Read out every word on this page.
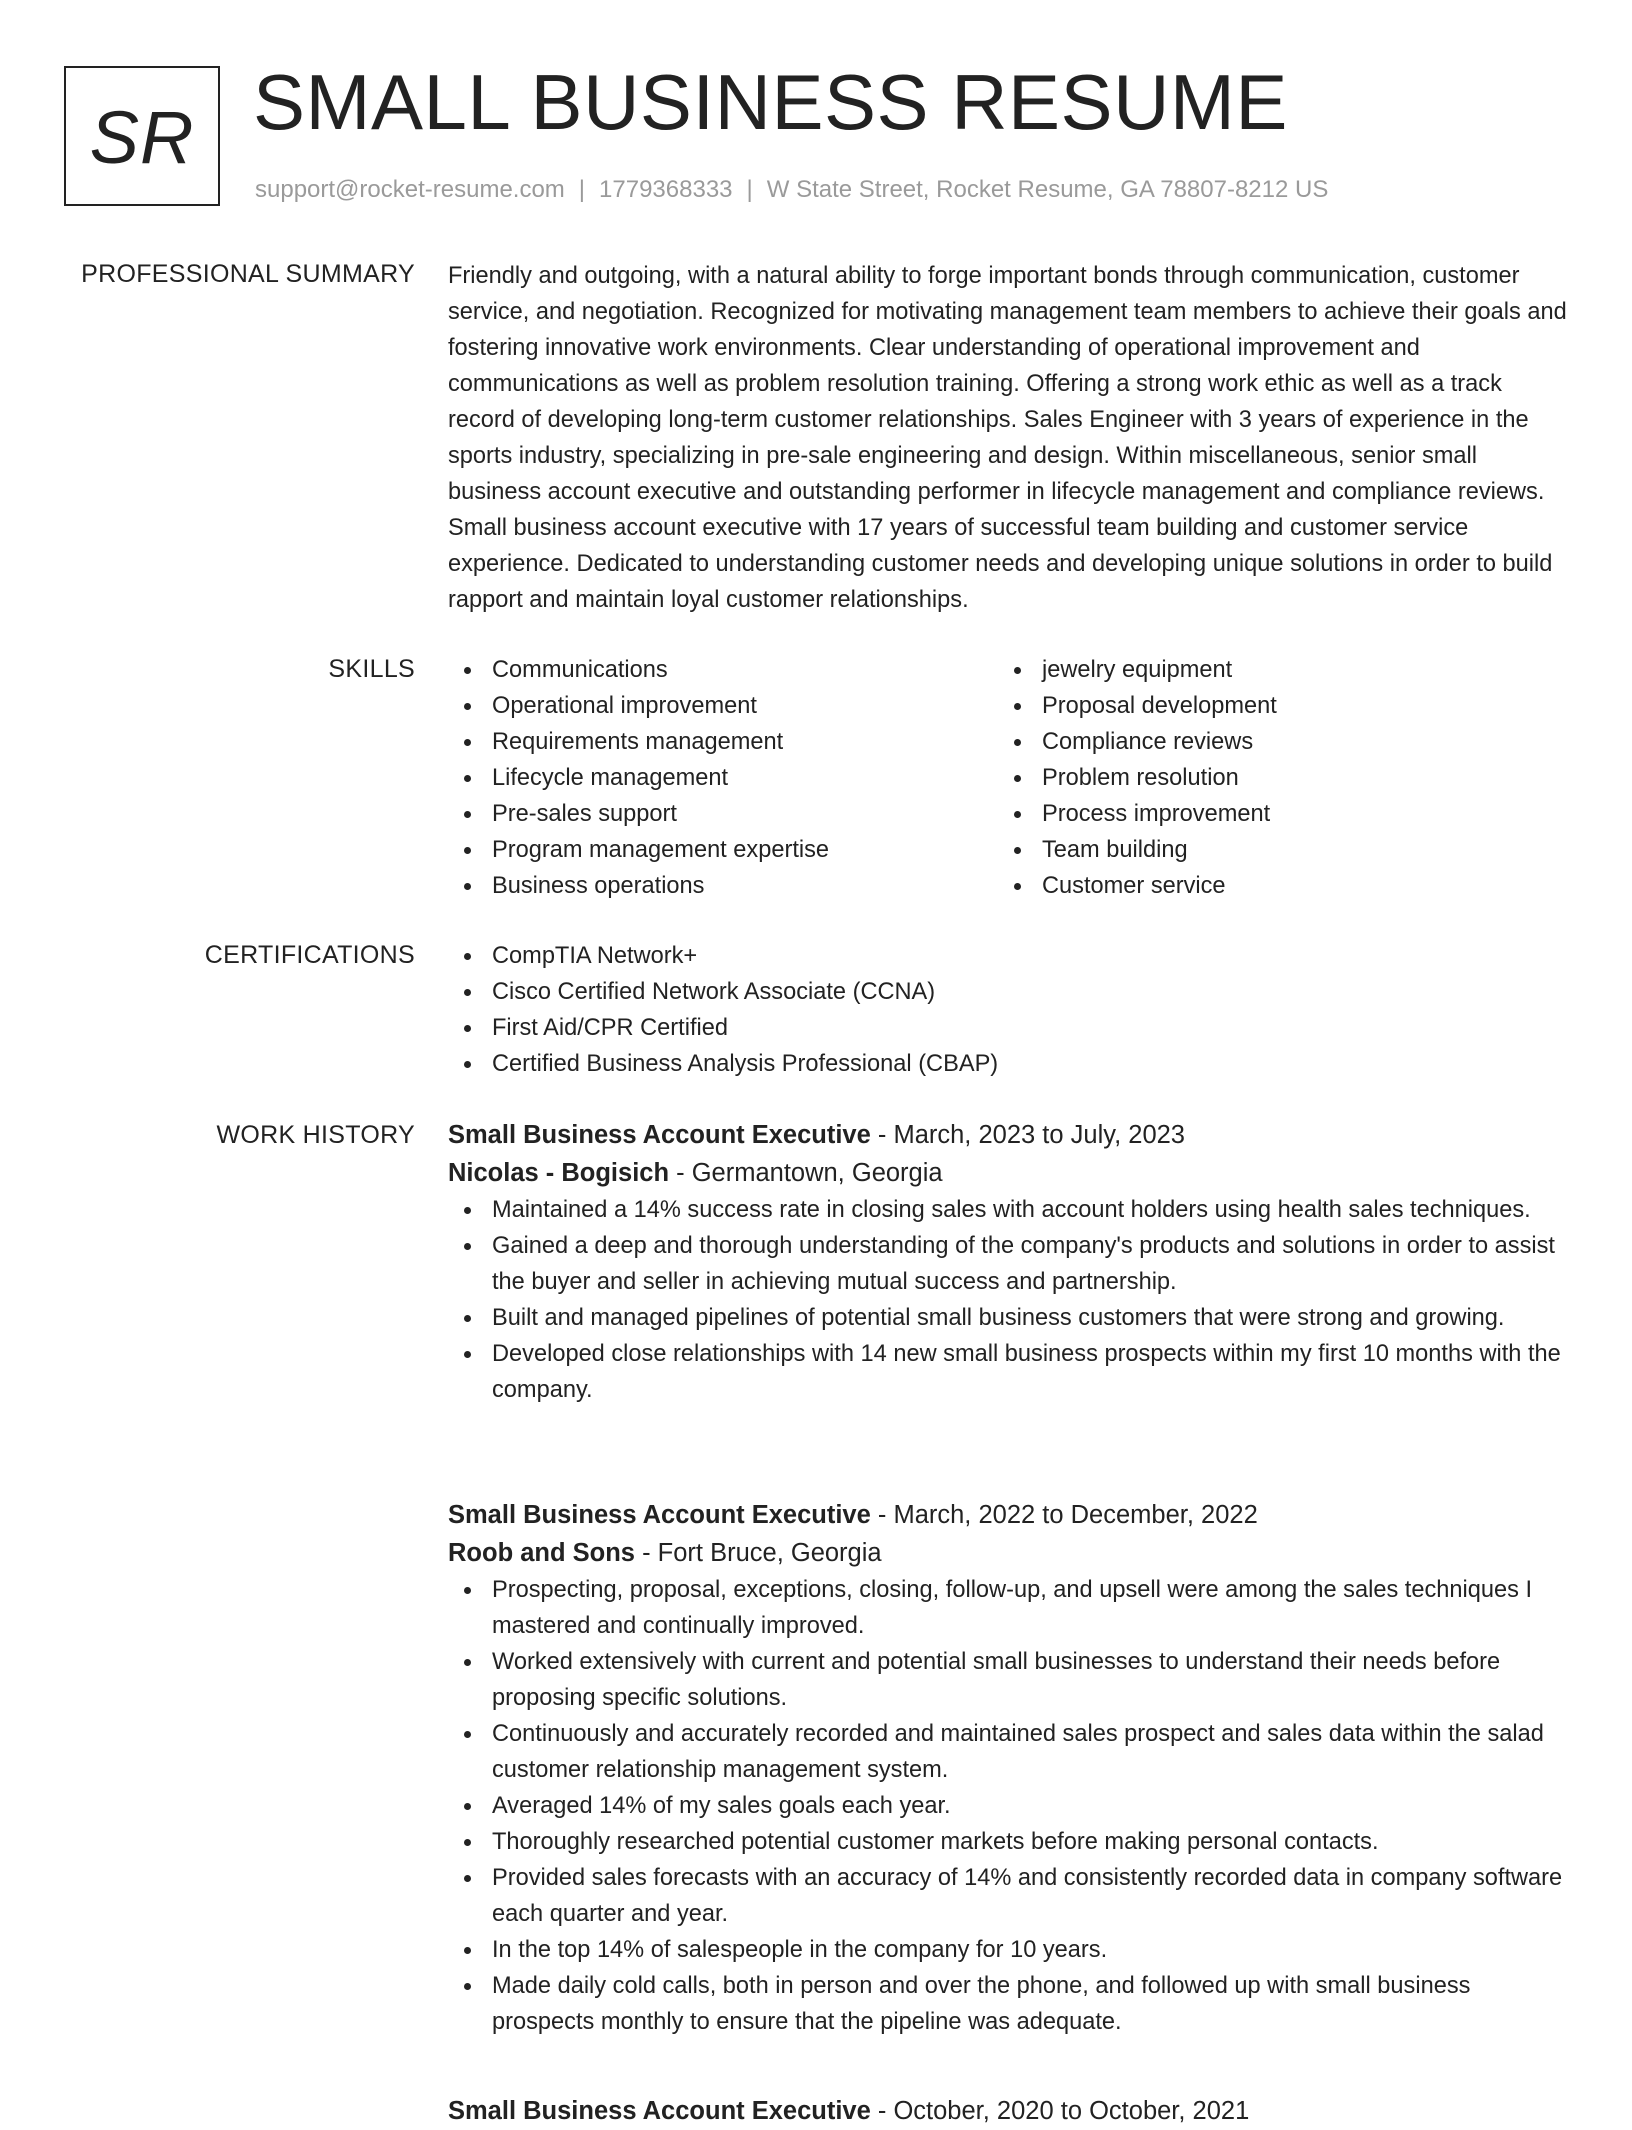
SR SMALL BUSINESS RESUME
support@rocket-resume.com | 1779368333 | W State Street, Rocket Resume, GA 78807-8212 US
PROFESSIONAL SUMMARY Friendly and outgoing, with a natural ability to forge important bonds through communication, customer service, and negotiation. Recognized for motivating management team members to achieve their goals and fostering innovative work environments. Clear understanding of operational improvement and communications as well as problem resolution training. Offering a strong work ethic as well as a track record of developing long-term customer relationships. Sales Engineer with 3 years of experience in the sports industry, specializing in pre-sale engineering and design. Within miscellaneous, senior small business account executive and outstanding performer in lifecycle management and compliance reviews. Small business account executive with 17 years of successful team building and customer service experience. Dedicated to understanding customer needs and developing unique solutions in order to build rapport and maintain loyal customer relationships.

SKILLS	Communications
Operational improvement
Requirements management
Lifecycle management
Pre-sales support
Program management expertise
Business operations
jewelry equipment
Proposal development
Compliance reviews
Problem resolution
Process improvement
Team building
Customer service
CERTIFICATIONS	CompTIA Network+
Cisco Certified Network Associate (CCNA)
First Aid/CPR Certified
Certified Business Analysis Professional (CBAP)
WORK HISTORY Small Business Account Executive - March, 2023 to July, 2023
Nicolas - Bogisich - Germantown, Georgia
Maintained a 14% success rate in closing sales with account holders using health sales techniques.
Gained a deep and thorough understanding of the company's products and solutions in order to assist the buyer and seller in achieving mutual success and partnership.
Built and managed pipelines of potential small business customers that were strong and growing.
Developed close relationships with 14 new small business prospects within my first 10 months with the company.
Small Business Account Executive - March, 2022 to December, 2022
Roob and Sons - Fort Bruce, Georgia
Prospecting, proposal, exceptions, closing, follow-up, and upsell were among the sales techniques I mastered and continually improved.
Worked extensively with current and potential small businesses to understand their needs before proposing specific solutions.
Continuously and accurately recorded and maintained sales prospect and sales data within the salad customer relationship management system.
Averaged 14% of my sales goals each year.
Thoroughly researched potential customer markets before making personal contacts.
Provided sales forecasts with an accuracy of 14% and consistently recorded data in company software each quarter and year.
In the top 14% of salespeople in the company for 10 years.
Made daily cold calls, both in person and over the phone, and followed up with small business prospects monthly to ensure that the pipeline was adequate.
Small Business Account Executive - October, 2020 to October, 2021
